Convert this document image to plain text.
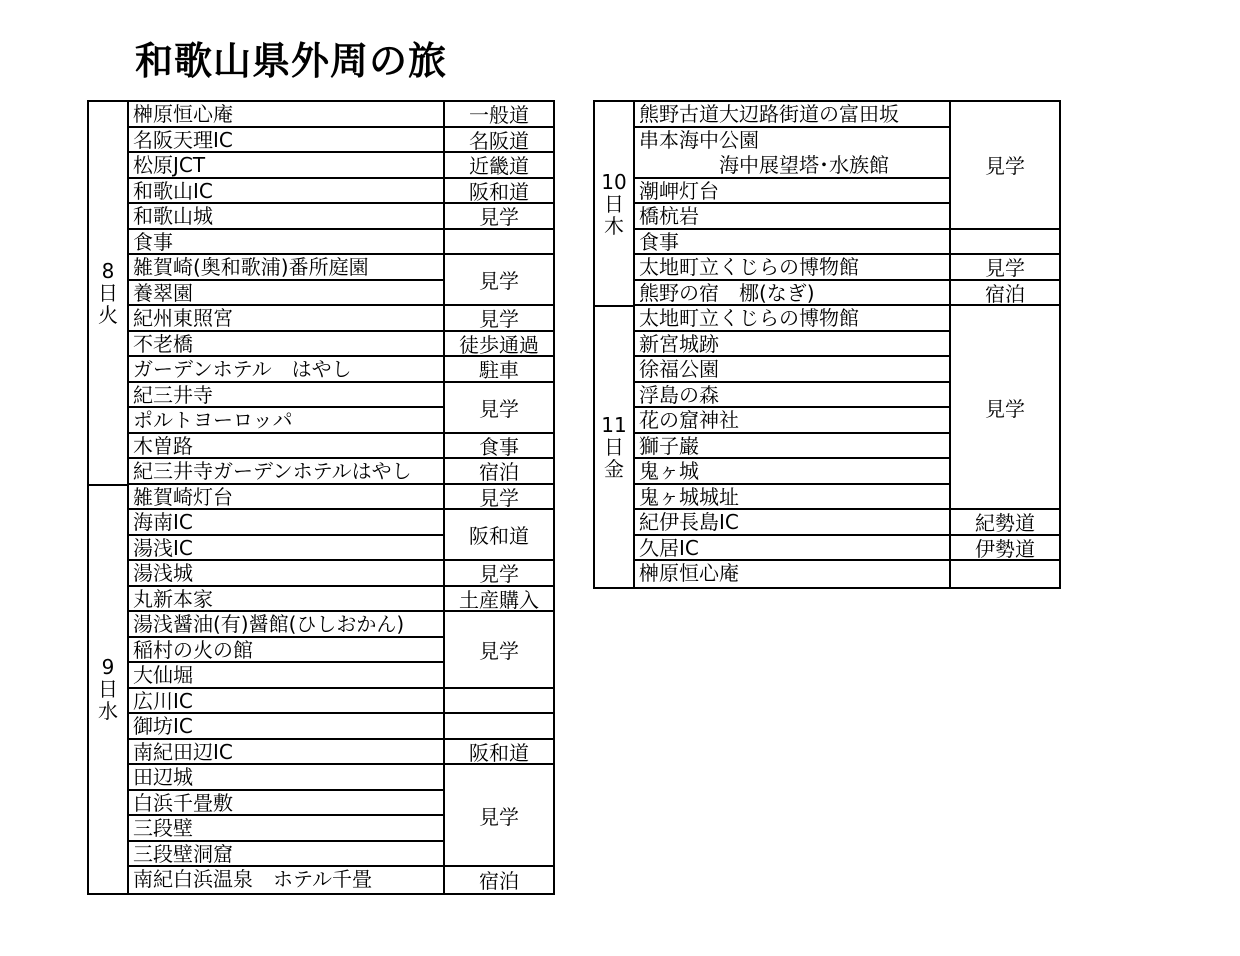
和歌山県外周の旅
8
日
火
9
日
水
榊原恒心庵
名阪天理IC
松原JCT
和歌山IC
和歌山城
食事
雑賀崎(奥和歌浦)番所庭園
養翠園
紀州東照宮
不老橋
ガーデンホテル　はやし
紀三井寺
ポルトヨーロッパ
木曽路
紀三井寺ガーデンホテルはやし
雑賀崎灯台
海南IC
湯浅IC
湯浅城
丸新本家
湯浅醤油(有)醤館(ひしおかん)
稲村の火の館
大仙堀
広川IC
御坊IC
南紀田辺IC
田辺城
白浜千畳敷
三段壁
三段壁洞窟
南紀白浜温泉　ホテル千畳
一般道
名阪道
近畿道
阪和道
見学
見学
見学
徒歩通過
駐車
見学
食事
宿泊
見学
阪和道
見学
土産購入
見学
阪和道
見学
宿泊
10
日
木
11
日
金
熊野古道大辺路街道の富田坂
串本海中公園
　　　　海中展望塔･水族館
潮岬灯台
橋杭岩
食事
太地町立くじらの博物館
熊野の宿　梛(なぎ)
太地町立くじらの博物館
新宮城跡
徐福公園
浮島の森
花の窟神社
獅子巌
鬼ヶ城
鬼ヶ城城址
紀伊長島IC
久居IC
榊原恒心庵
見学
見学
宿泊
見学
紀勢道
伊勢道
